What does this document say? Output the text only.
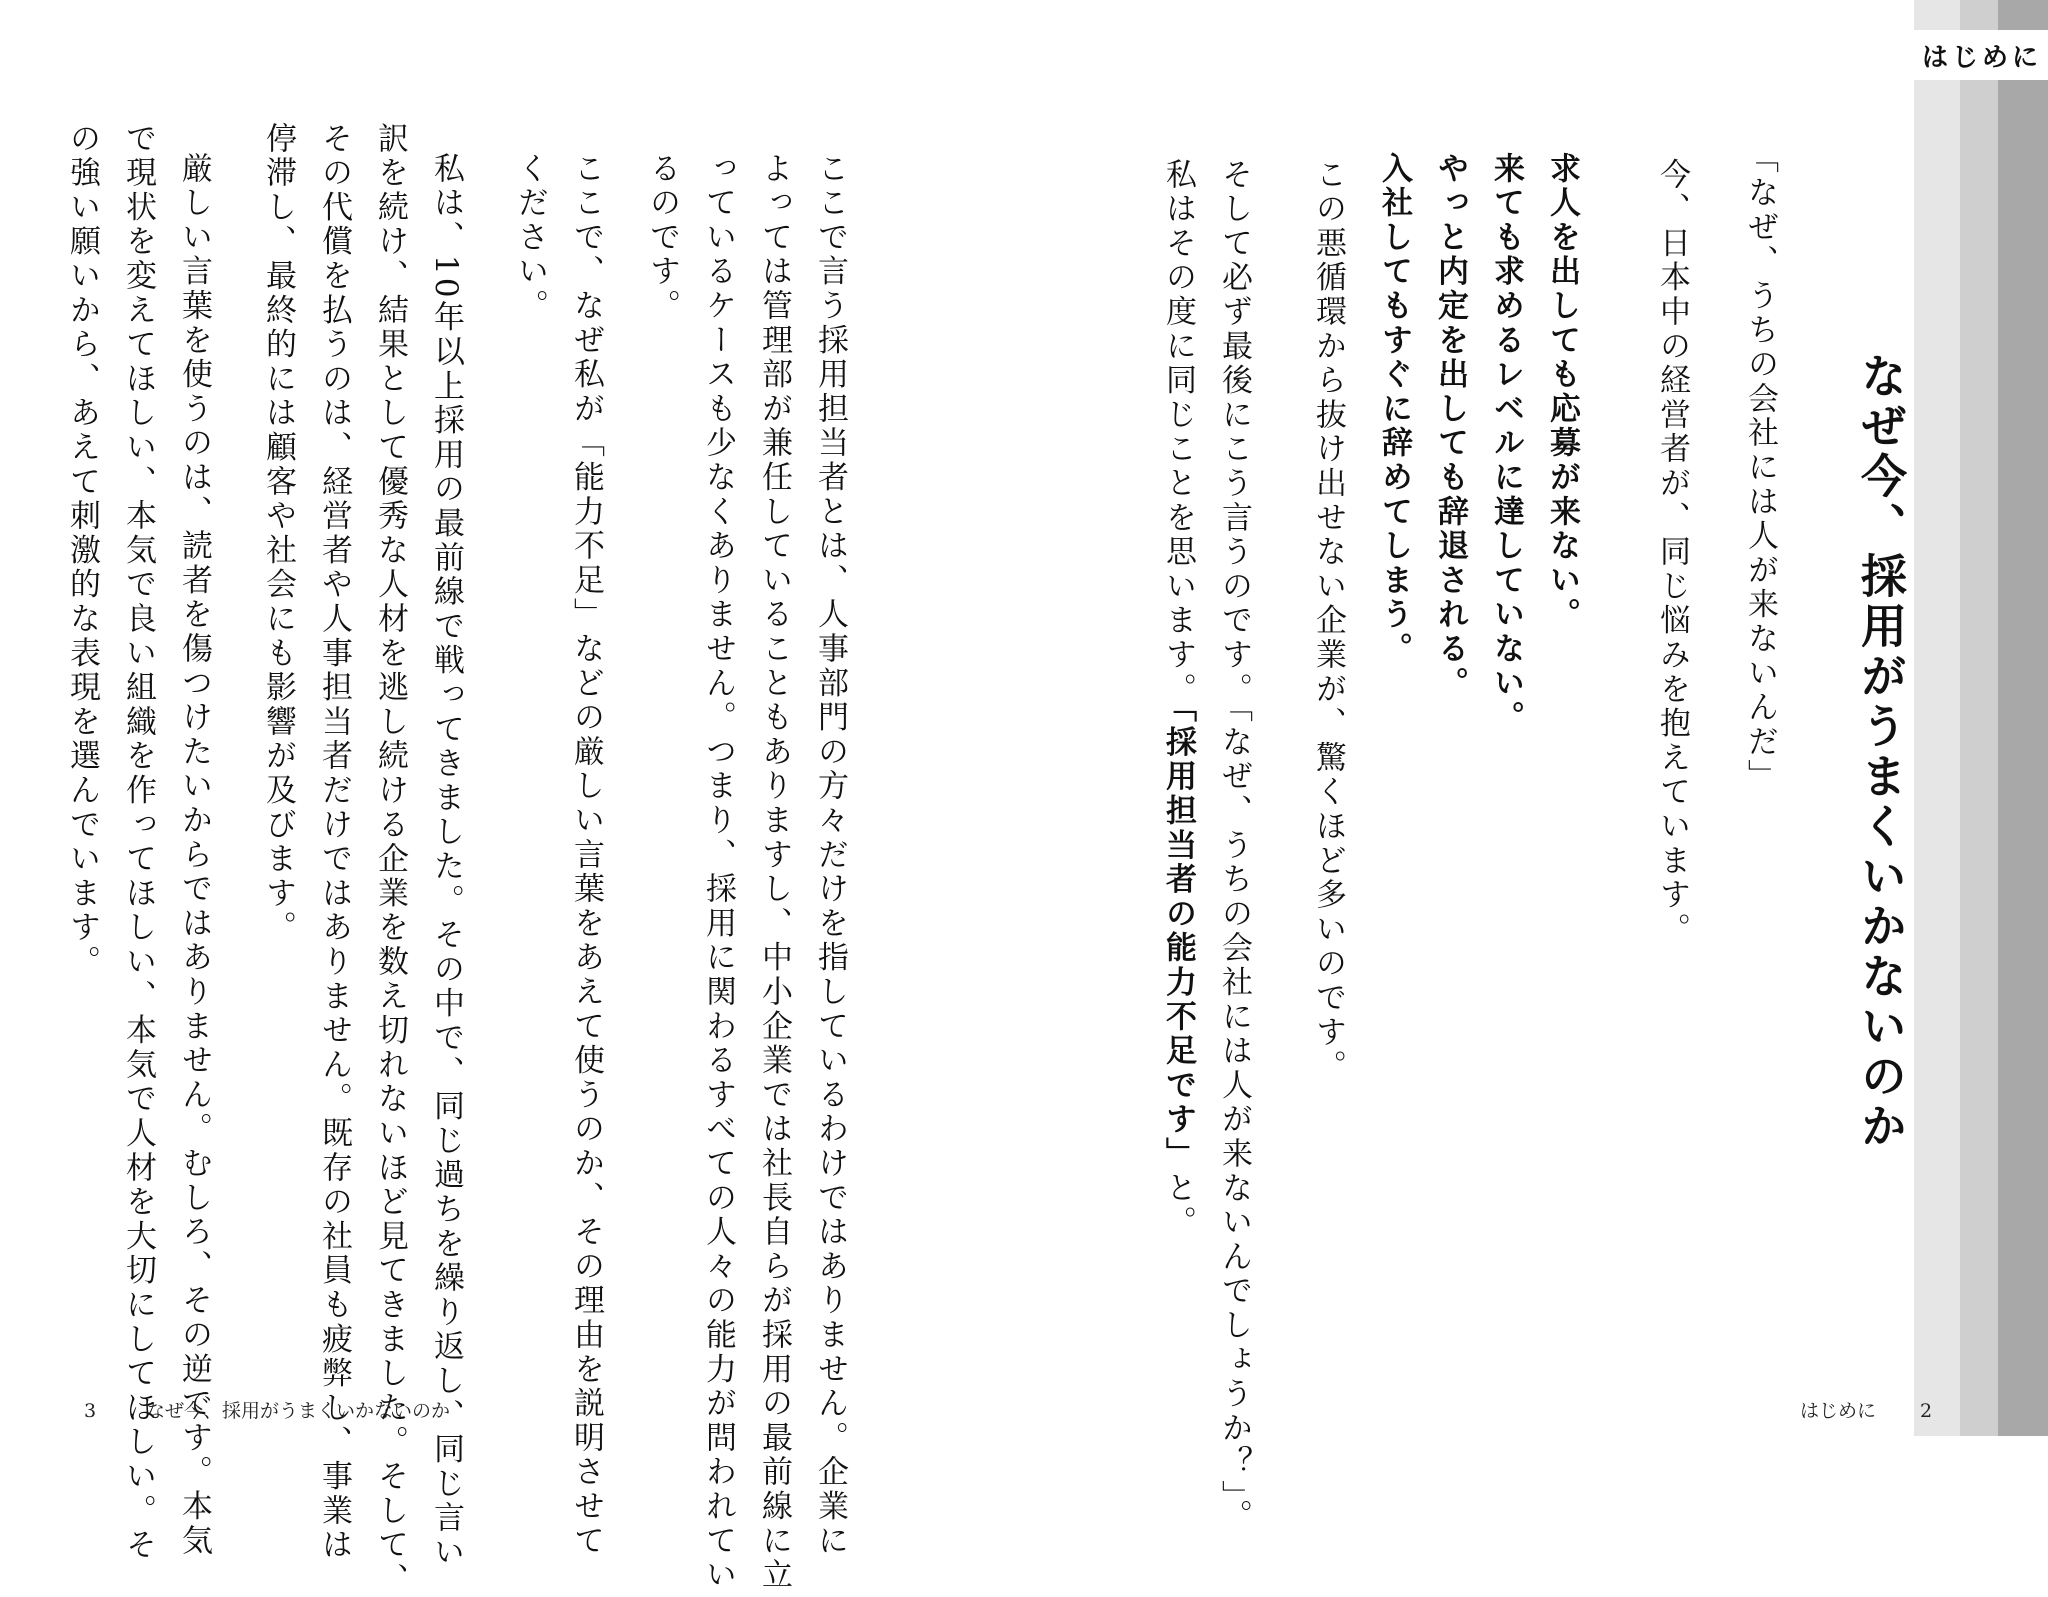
はじめに
なぜ今、採用がうまくいかないのか
「なぜ、うちの会社には人が来ないんだ」
今、日本中の経営者が、同じ悩みを抱えています。
求人を出しても応募が来ない。
来ても求めるレベルに達していない。
やっと内定を出しても辞退される。
入社してもすぐに辞めてしまう。
この悪循環から抜け出せない企業が、驚くほど多いのです。
そして必ず最後にこう言うのです。「なぜ、うちの会社には人が来ないんでしょうか？」。
私はその度に同じことを思います。「採用担当者の能力不足です」と。
ここで言う採用担当者とは、人事部門の方々だけを指しているわけではありません。企業に
よっては管理部が兼任していることもありますし、中小企業では社長自らが採用の最前線に立
っているケースも少なくありません。つまり、採用に関わるすべての人々の能力が問われてい
るのです。
ここで、なぜ私が「能力不足」などの厳しい言葉をあえて使うのか、その理由を説明させて
ください。
私は、10年以上採用の最前線で戦ってきました。その中で、同じ過ちを繰り返し、同じ言い
訳を続け、結果として優秀な人材を逃し続ける企業を数え切れないほど見てきました。そして、
その代償を払うのは、経営者や人事担当者だけではありません。既存の社員も疲弊し、事業は
停滞し、最終的には顧客や社会にも影響が及びます。
厳しい言葉を使うのは、読者を傷つけたいからではありません。むしろ、その逆です。本気
で現状を変えてほしい、本気で良い組織を作ってほしい、本気で人材を大切にしてほしい。そ
の強い願いから、あえて刺激的な表現を選んでいます。
3	なぜ今、採用がうまくいかないのか	はじめに 2
